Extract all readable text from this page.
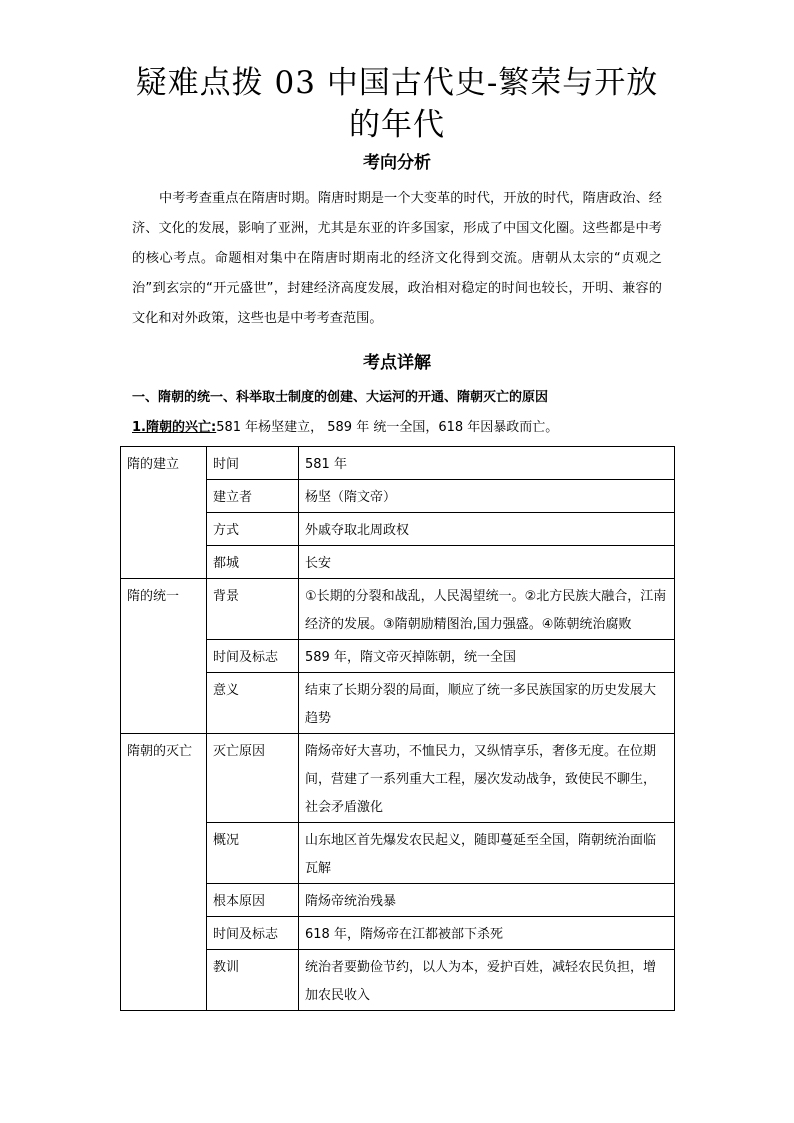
疑难点拨 03 中国古代史-繁荣与开放
的年代
考向分析
中考考查重点在隋唐时期。隋唐时期是一个大变革的时代，开放的时代，隋唐政治、经济、文化的发展，影响了亚洲，尤其是东亚的许多国家，形成了中国文化圈。这些都是中考的核心考点。命题相对集中在隋唐时期南北的经济文化得到交流。唐朝从太宗的“贞观之治”到玄宗的“开元盛世”，封建经济高度发展，政治相对稳定的时间也较长，开明、兼容的文化和对外政策，这些也是中考考查范围。
考点详解
一、隋朝的统一、科举取士制度的创建、大运河的开通、隋朝灭亡的原因
1.隋朝的兴亡:581 年杨坚建立， 589 年 统一全国，618 年因暴政而亡。
隋的建立	时间	581 年
	建立者	杨坚（隋文帝）
	方式	外戚夺取北周政权
	都城	长安
隋的统一	背景	①长期的分裂和战乱，人民渴望统一。②北方民族大融合，江南经济的发展。③隋朝励精图治,国力强盛。④陈朝统治腐败
	时间及标志	589 年，隋文帝灭掉陈朝，统一全国
	意义	结束了长期分裂的局面，顺应了统一多民族国家的历史发展大趋势
隋朝的灭亡	灭亡原因	隋炀帝好大喜功，不恤民力，又纵情享乐，奢侈无度。在位期间，营建了一系列重大工程，屡次发动战争，致使民不聊生，社会矛盾激化
	概况	山东地区首先爆发农民起义，随即蔓延至全国，隋朝统治面临瓦解
	根本原因	隋炀帝统治残暴
	时间及标志	618 年，隋炀帝在江都被部下杀死
	教训	统治者要勤俭节约，以人为本，爱护百姓，减轻农民负担，增加农民收入
